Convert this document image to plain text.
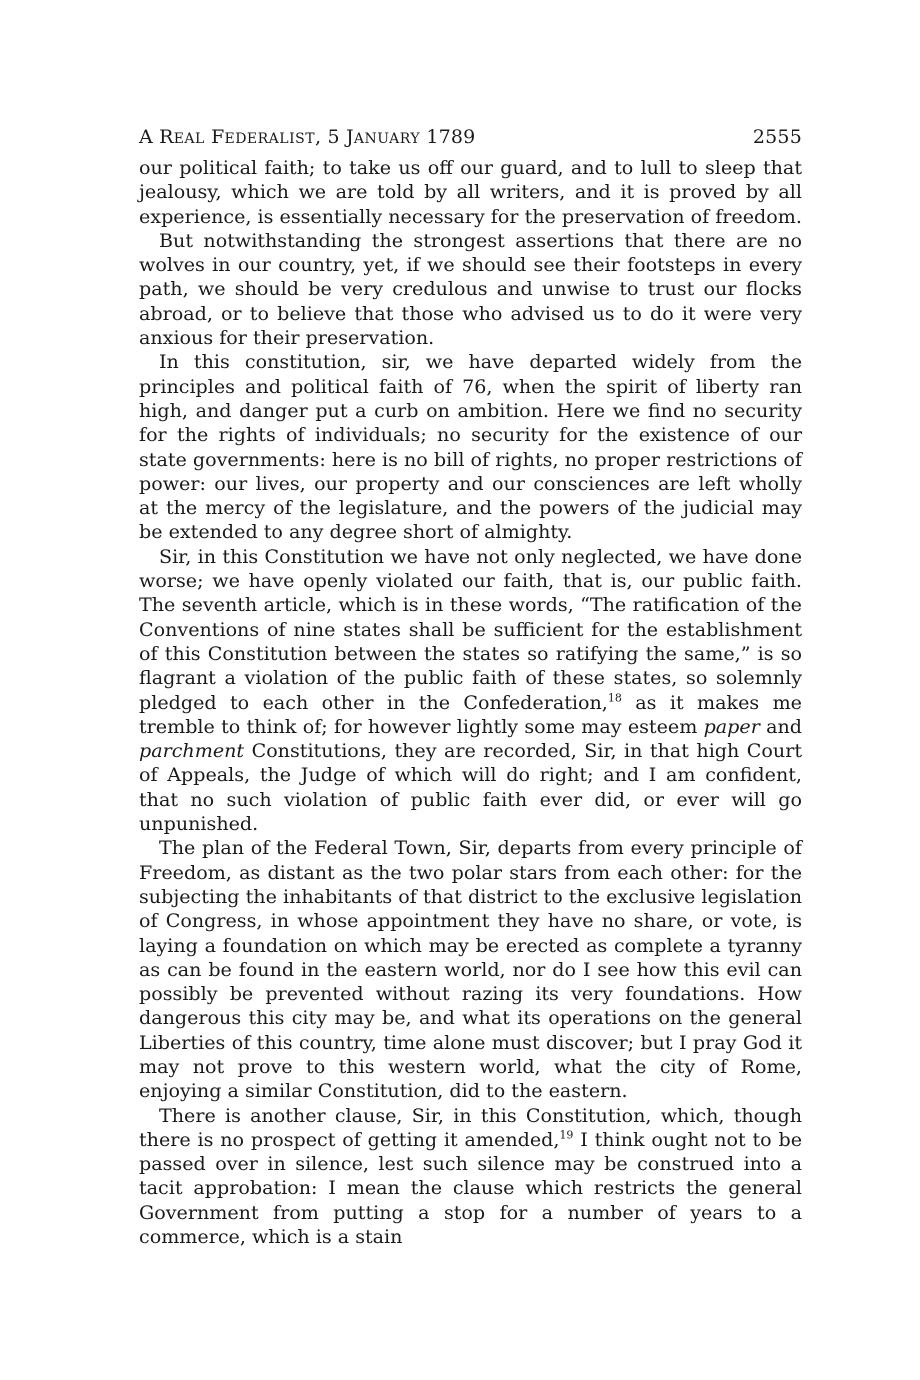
A REAL FEDERALIST, 5 JANUARY 1789	2555

our political faith; to take us off our guard, and to lull to sleep that jealousy, which we are told by all writers, and it is proved by all experience, is essentially necessary for the preservation of freedom.

But notwithstanding the strongest assertions that there are no wolves in our country, yet, if we should see their footsteps in every path, we should be very credulous and unwise to trust our flocks abroad, or to believe that those who advised us to do it were very anxious for their preservation.

In this constitution, sir, we have departed widely from the principles and political faith of 76, when the spirit of liberty ran high, and danger put a curb on ambition. Here we find no security for the rights of individuals; no security for the existence of our state governments: here is no bill of rights, no proper restrictions of power: our lives, our property and our consciences are left wholly at the mercy of the legislature, and the powers of the judicial may be extended to any degree short of almighty.

Sir, in this Constitution we have not only neglected, we have done worse; we have openly violated our faith, that is, our public faith. The seventh article, which is in these words, “The ratification of the Conventions of nine states shall be sufficient for the establishment of this Constitution between the states so ratifying the same,” is so flagrant a violation of the public faith of these states, so solemnly pledged to each other in the Confederation,$^{18}$ as it makes me tremble to think of; for however lightly some may esteem paper and parchment Constitutions, they are recorded, Sir, in that high Court of Appeals, the Judge of which will do right; and I am confident, that no such violation of public faith ever did, or ever will go unpunished.

The plan of the Federal Town, Sir, departs from every principle of Freedom, as distant as the two polar stars from each other: for the subjecting the inhabitants of that district to the exclusive legislation of Congress, in whose appointment they have no share, or vote, is laying a foundation on which may be erected as complete a tyranny as can be found in the eastern world, nor do I see how this evil can possibly be prevented without razing its very foundations. How dangerous this city may be, and what its operations on the general Liberties of this country, time alone must discover; but I pray God it may not prove to this western world, what the city of Rome, enjoying a similar Constitution, did to the eastern.

There is another clause, Sir, in this Constitution, which, though there is no prospect of getting it amended,$^{19}$ I think ought not to be passed over in silence, lest such silence may be construed into a tacit approbation: I mean the clause which restricts the general Government from putting a stop for a number of years to a commerce, which is a stain
